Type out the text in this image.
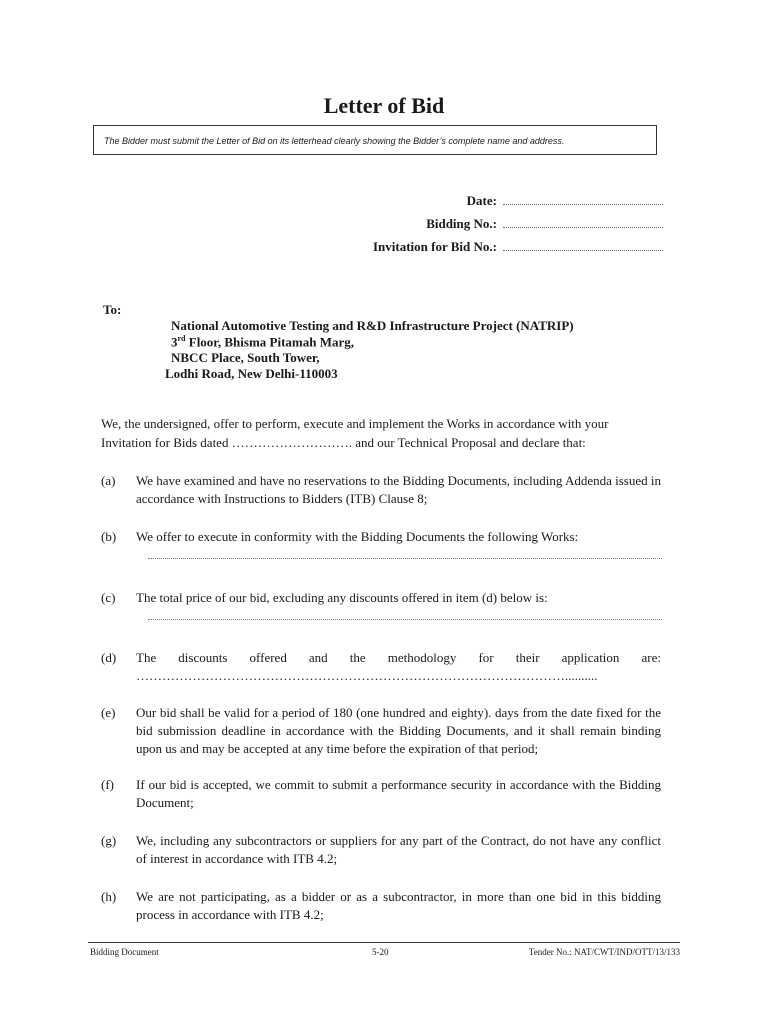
Letter of Bid
The Bidder must submit the Letter of Bid on its letterhead clearly showing the Bidder’s complete name and address.
Date:
Bidding No.:
Invitation for Bid No.:
To:
National Automotive Testing and R&D Infrastructure Project (NATRIP)
3rd Floor, Bhisma Pitamah Marg,
NBCC Place, South Tower,
Lodhi Road, New Delhi-110003
We, the undersigned, offer to perform, execute and implement the Works in accordance with your Invitation for Bids dated ………………………. and our Technical Proposal and declare that:
(a) We have examined and have no reservations to the Bidding Documents, including Addenda issued in accordance with Instructions to Bidders (ITB) Clause 8;
(b) We offer to execute in conformity with the Bidding Documents the following Works:
(c) The total price of our bid, excluding any discounts offered in item (d) below is:
(d) The discounts offered and the methodology for their application are: ………………………………………………………………………………………..........
(e) Our bid shall be valid for a period of 180 (one hundred and eighty). days from the date fixed for the bid submission deadline in accordance with the Bidding Documents, and it shall remain binding upon us and may be accepted at any time before the expiration of that period;
(f) If our bid is accepted, we commit to submit a performance security in accordance with the Bidding Document;
(g) We, including any subcontractors or suppliers for any part of the Contract, do not have any conflict of interest in accordance with ITB 4.2;
(h) We are not participating, as a bidder or as a subcontractor, in more than one bid in this bidding process in accordance with ITB 4.2;
Bidding Document	5-20	Tender No.: NAT/CWT/IND/OTT/13/133
